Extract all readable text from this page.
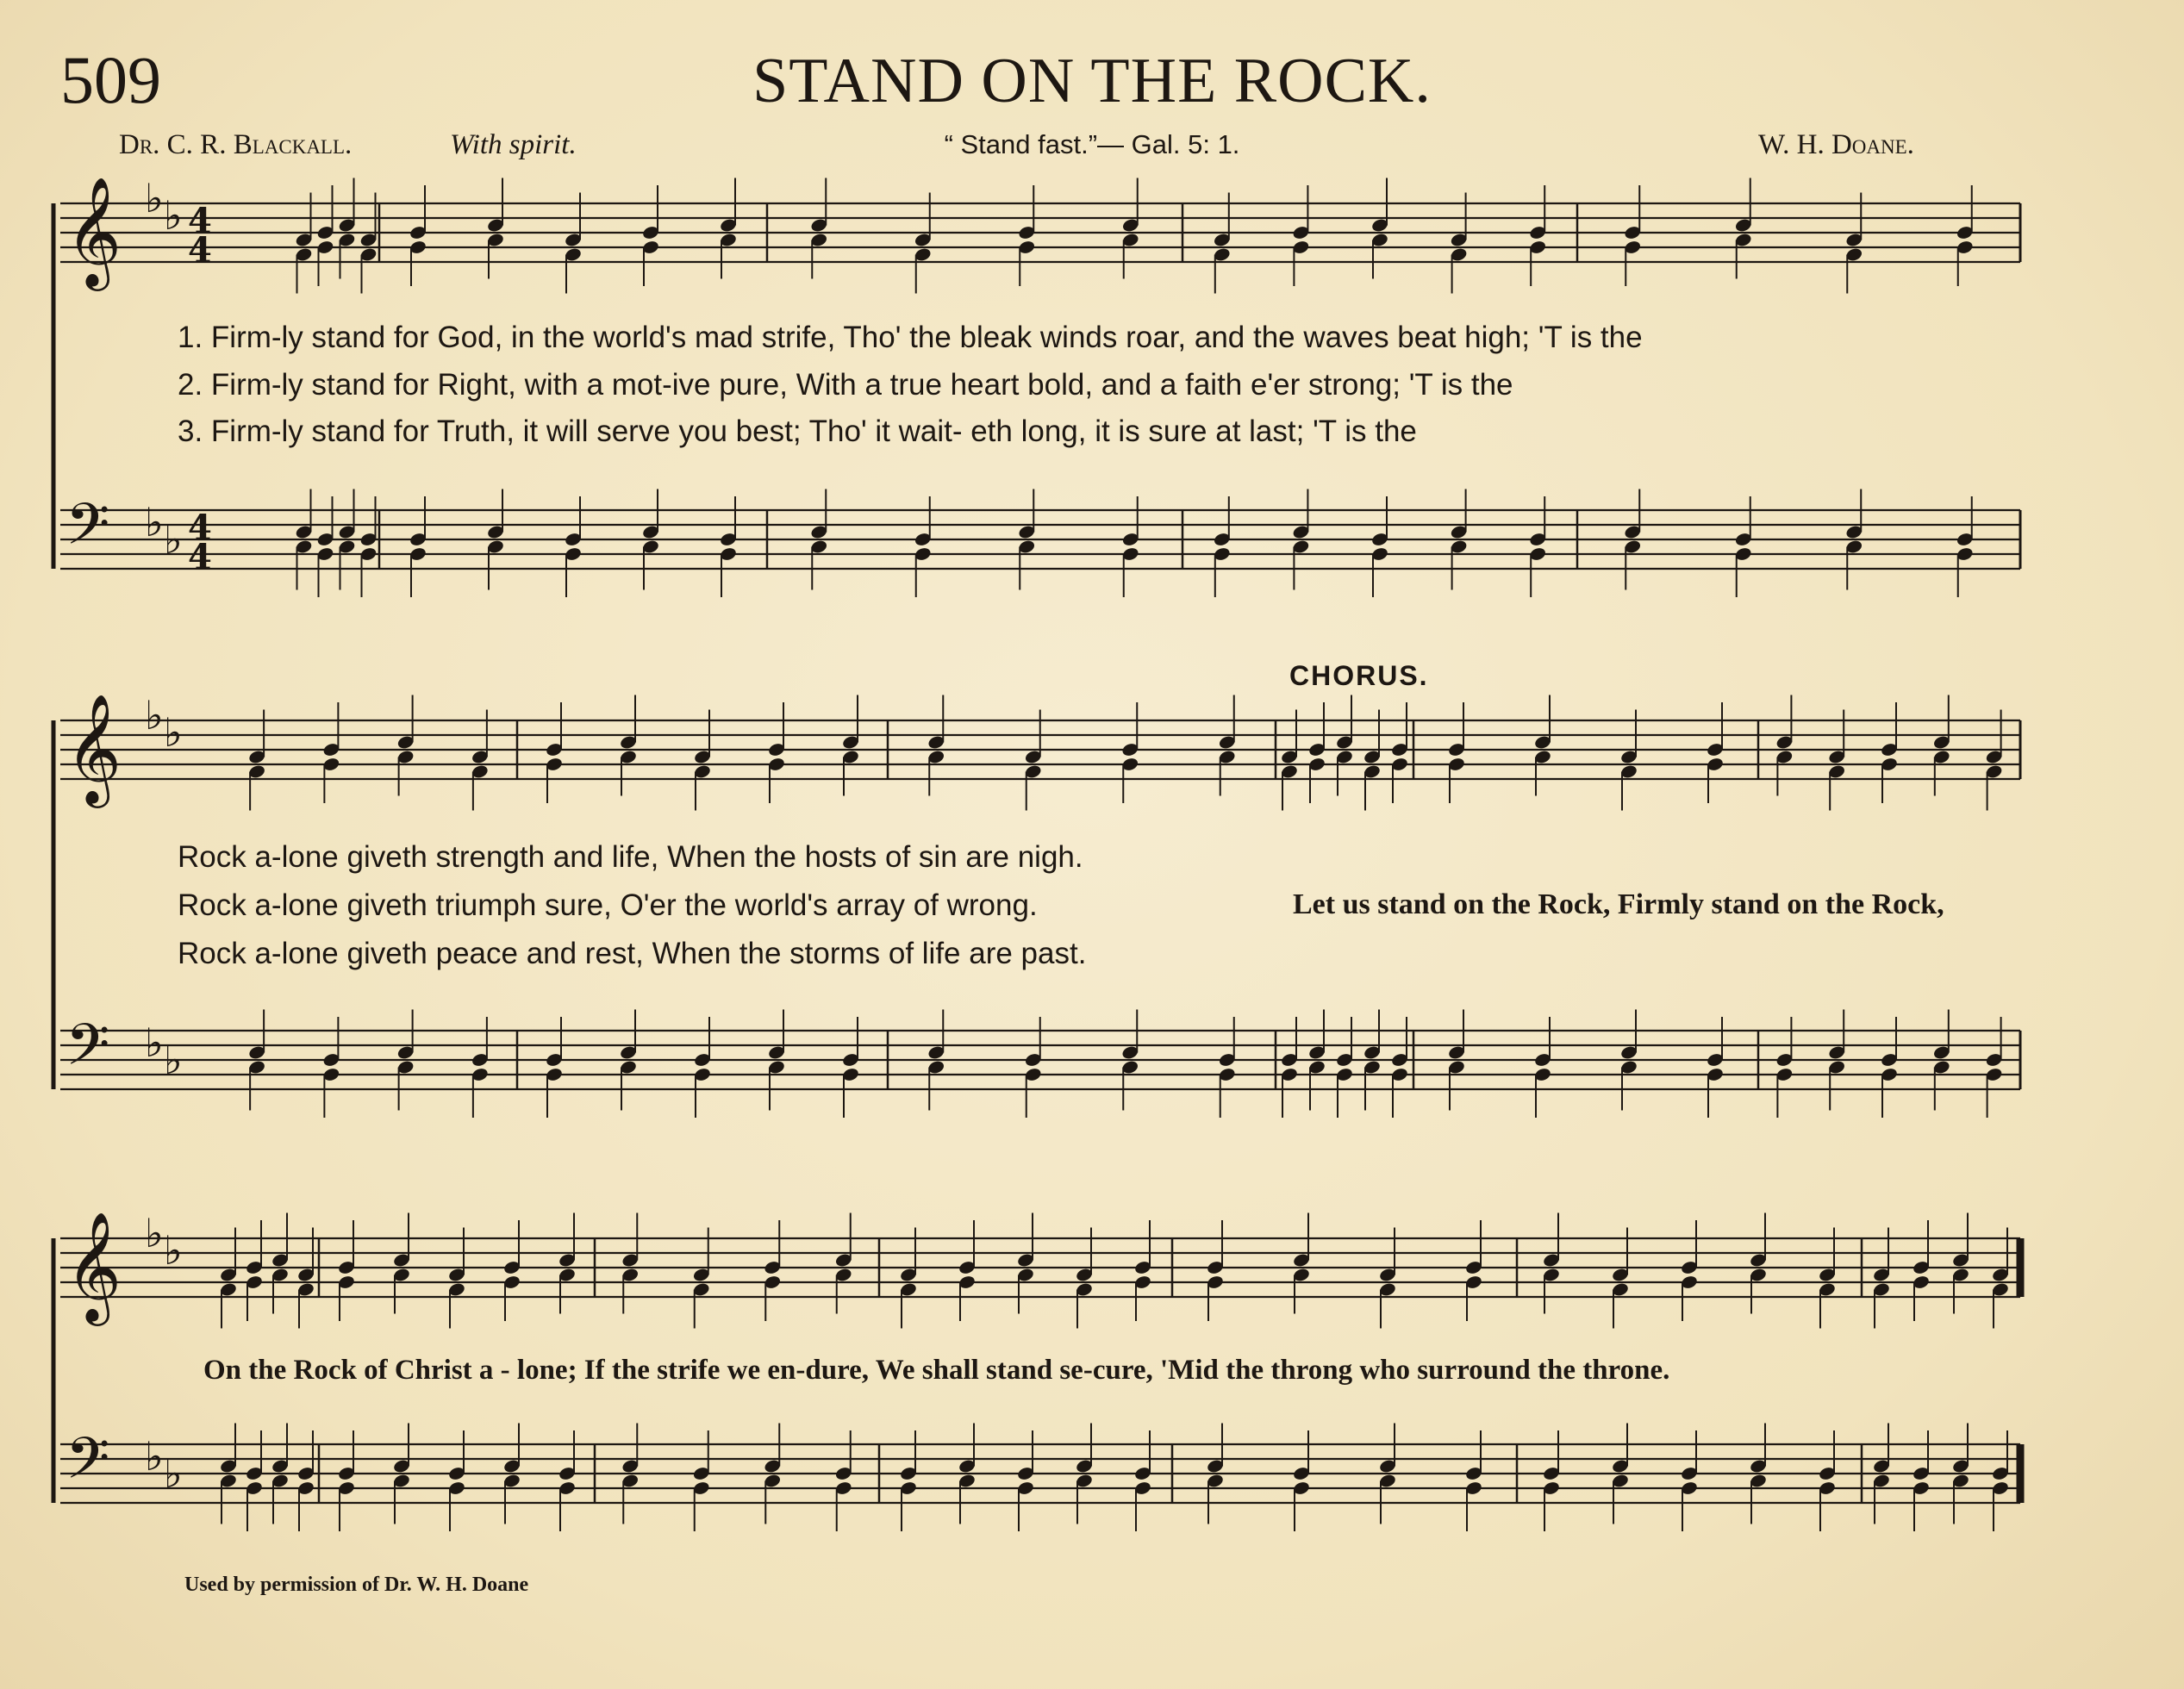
509	STAND ON THE ROCK.
Dr. C. R. Blackall.	With spirit.	“ Stand fast.”— Gal. 5: 1.	W. H. Doane.
𝄞 ♭ ♭ 4
4
𝄢 ♭ ♭ 4
4
𝄞 ♭ ♭
𝄢 ♭ ♭
𝄞 ♭ ♭
𝄢 ♭ ♭
1. Firm-ly stand for God, in the world's mad strife, Tho' the bleak winds roar, and the waves beat high; 'T is the
2. Firm-ly stand for Right, with a mot-ive pure, With a true heart bold, and a faith e'er strong; 'T is the
3. Firm-ly stand for Truth, it will serve you best; Tho' it wait- eth long, it is sure at last; 'T is the
CHORUS.
Rock a-lone giveth strength and life, When the hosts of sin are nigh.
Rock a-lone giveth triumph sure, O'er the world's array of wrong.
Rock a-lone giveth peace and rest, When the storms of life are past.
Let us stand on the Rock, Firmly stand on the Rock,
On the Rock of Christ a - lone; If the strife we en-dure, We shall stand se-cure, 'Mid the throng who surround the throne.
Used by permission of Dr. W. H. Doane
